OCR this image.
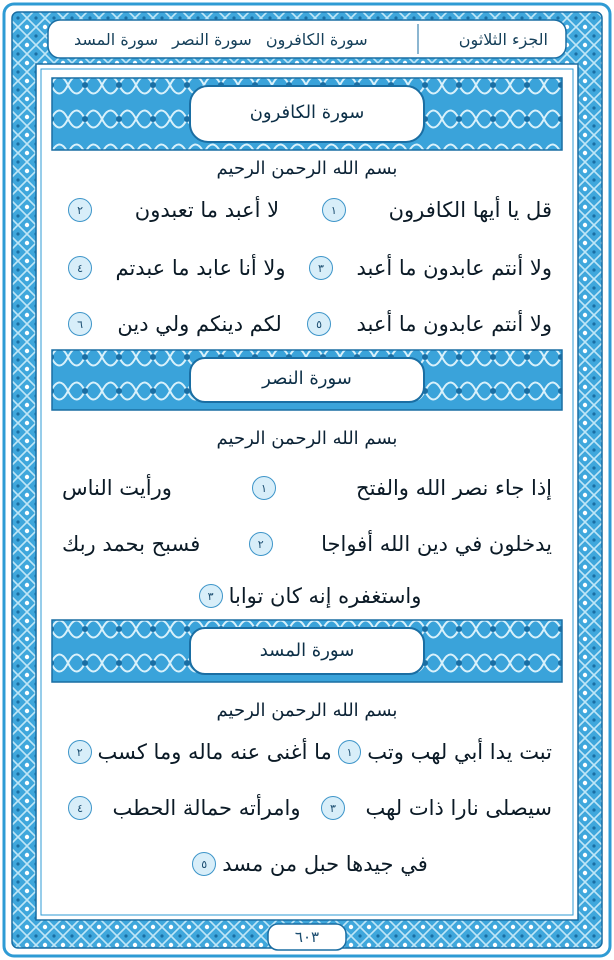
الجزء الثلاثون
سورة الكافرون
سورة النصر
سورة المسد
سورة الكافرون
بسم الله الرحمن الرحيم
قل يا أيها الكافرون
١
لا أعبد ما تعبدون
٢
ولا أنتم عابدون ما أعبد
٣
ولا أنا عابد ما عبدتم
٤
ولا أنتم عابدون ما أعبد
٥
لكم دينكم ولي دين
٦
سورة النصر
بسم الله الرحمن الرحيم
إذا جاء نصر الله والفتح
١
ورأيت الناس
يدخلون في دين الله أفواجا
٢
فسبح بحمد ربك
واستغفره إنه كان توابا
٣
سورة المسد
بسم الله الرحمن الرحيم
تبت يدا أبي لهب وتب
١
ما أغنى عنه ماله وما كسب
٢
سيصلى نارا ذات لهب
٣
وامرأته حمالة الحطب
٤
في جيدها حبل من مسد
٥
٦٠٣
